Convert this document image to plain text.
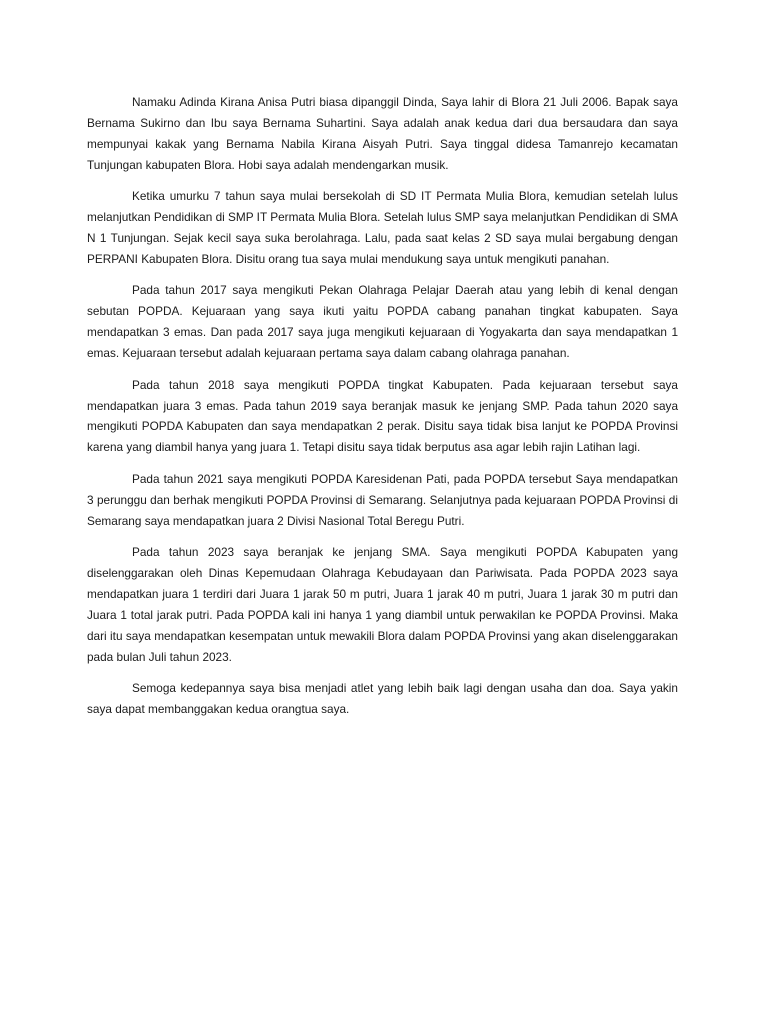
Namaku Adinda Kirana Anisa Putri biasa dipanggil Dinda, Saya lahir di Blora 21 Juli 2006. Bapak saya Bernama Sukirno dan Ibu saya Bernama Suhartini. Saya adalah anak kedua dari dua bersaudara dan saya mempunyai kakak yang Bernama Nabila Kirana Aisyah Putri. Saya tinggal didesa Tamanrejo kecamatan Tunjungan kabupaten Blora. Hobi saya adalah mendengarkan musik.

Ketika umurku 7 tahun saya mulai bersekolah di SD IT Permata Mulia Blora, kemudian setelah lulus melanjutkan Pendidikan di SMP IT Permata Mulia Blora. Setelah lulus SMP saya melanjutkan Pendidikan di SMA N 1 Tunjungan. Sejak kecil saya suka berolahraga. Lalu, pada saat kelas 2 SD saya mulai bergabung dengan PERPANI Kabupaten Blora. Disitu orang tua saya mulai mendukung saya untuk mengikuti panahan.

Pada tahun 2017 saya mengikuti Pekan Olahraga Pelajar Daerah atau yang lebih di kenal dengan sebutan POPDA. Kejuaraan yang saya ikuti yaitu POPDA cabang panahan tingkat kabupaten. Saya mendapatkan 3 emas. Dan pada 2017 saya juga mengikuti kejuaraan di Yogyakarta dan saya mendapatkan 1 emas. Kejuaraan tersebut adalah kejuaraan pertama saya dalam cabang olahraga panahan.

Pada tahun 2018 saya mengikuti POPDA tingkat Kabupaten. Pada kejuaraan tersebut saya mendapatkan juara 3 emas. Pada tahun 2019 saya beranjak masuk ke jenjang SMP. Pada tahun 2020 saya mengikuti POPDA Kabupaten dan saya mendapatkan 2 perak. Disitu saya tidak bisa lanjut ke POPDA Provinsi karena yang diambil hanya yang juara 1. Tetapi disitu saya tidak berputus asa agar lebih rajin Latihan lagi.

Pada tahun 2021 saya mengikuti POPDA Karesidenan Pati, pada POPDA tersebut Saya mendapatkan 3 perunggu dan berhak mengikuti POPDA Provinsi di Semarang. Selanjutnya pada kejuaraan POPDA Provinsi di Semarang saya mendapatkan juara 2 Divisi Nasional Total Beregu Putri.

Pada tahun 2023 saya beranjak ke jenjang SMA. Saya mengikuti POPDA Kabupaten yang diselenggarakan oleh Dinas Kepemudaan Olahraga Kebudayaan dan Pariwisata. Pada POPDA 2023 saya mendapatkan juara 1 terdiri dari Juara 1 jarak 50 m putri, Juara 1 jarak 40 m putri, Juara 1 jarak 30 m putri dan Juara 1 total jarak putri. Pada POPDA kali ini hanya 1 yang diambil untuk perwakilan ke POPDA Provinsi. Maka dari itu saya mendapatkan kesempatan untuk mewakili Blora dalam POPDA Provinsi yang akan diselenggarakan pada bulan Juli tahun 2023.

Semoga kedepannya saya bisa menjadi atlet yang lebih baik lagi dengan usaha dan doa. Saya yakin saya dapat membanggakan kedua orangtua saya.
